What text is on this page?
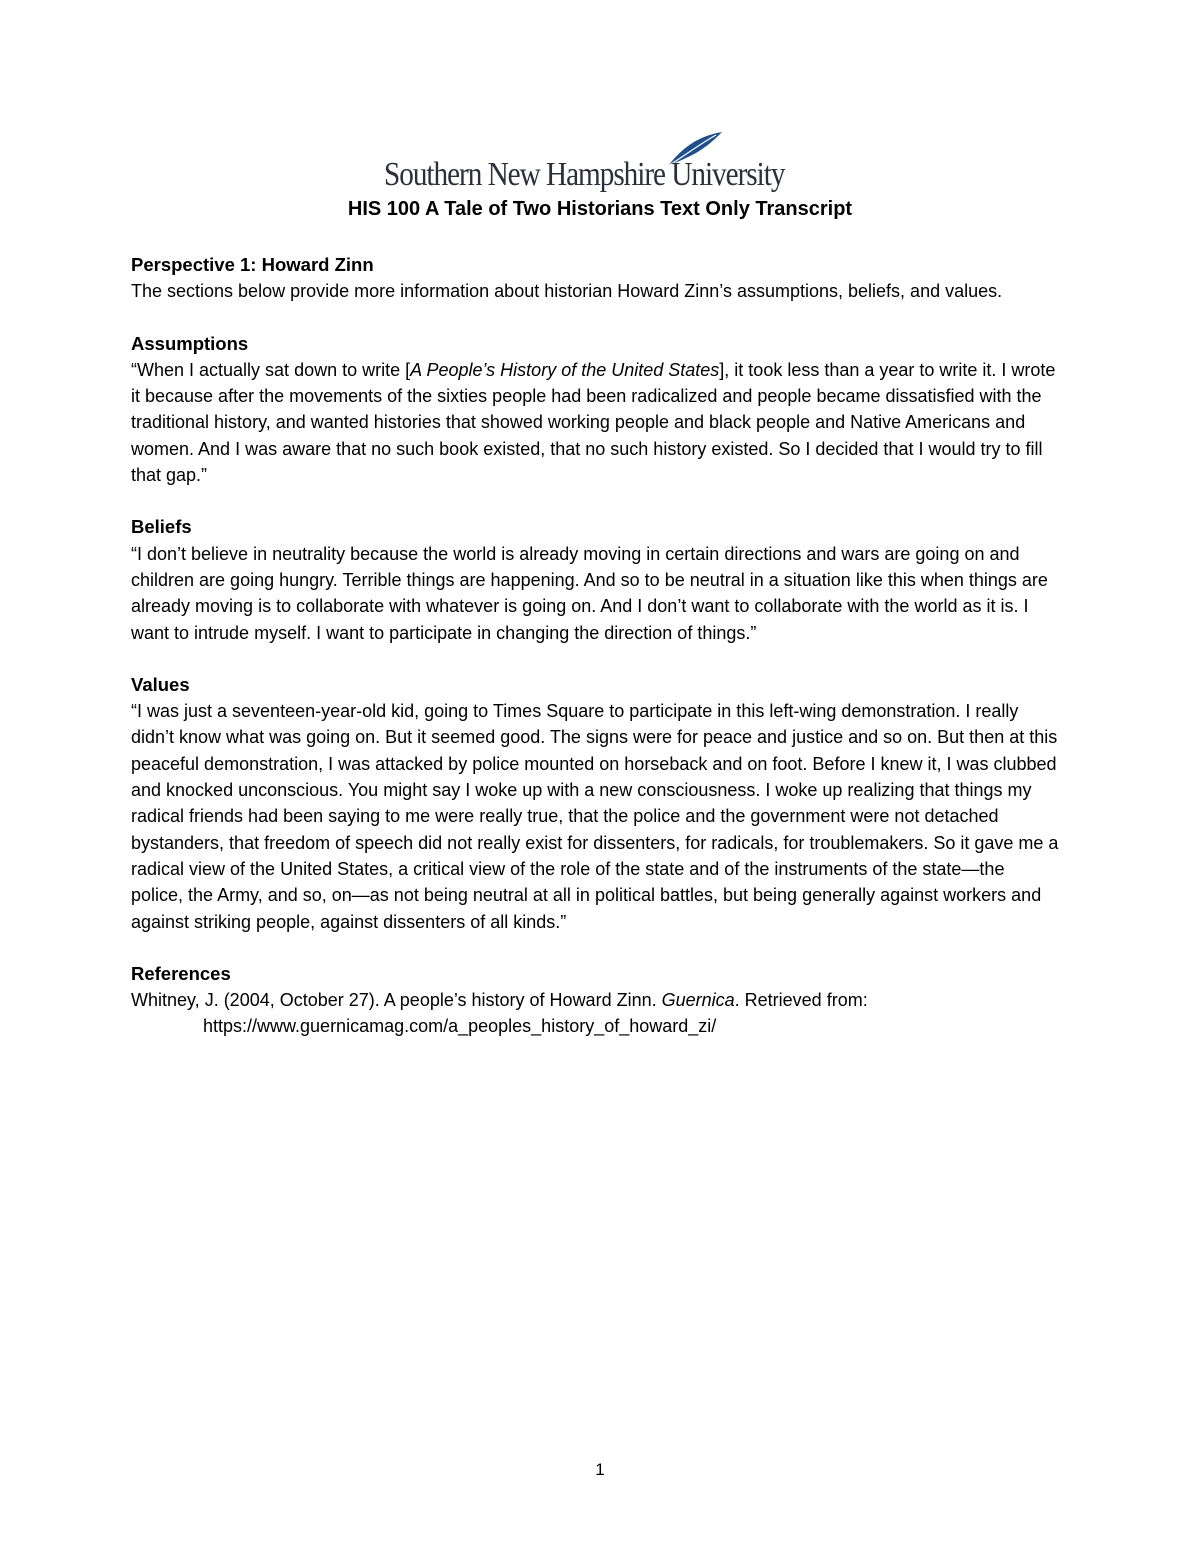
Southern New Hampshire University
HIS 100 A Tale of Two Historians Text Only Transcript

Perspective 1: Howard Zinn

The sections below provide more information about historian Howard Zinn’s assumptions, beliefs, and values.

Assumptions

“When I actually sat down to write [A People’s History of the United States], it took less than a year to write it. I wrote it because after the movements of the sixties people had been radicalized and people became dissatisfied with the traditional history, and wanted histories that showed working people and black people and Native Americans and women. And I was aware that no such book existed, that no such history existed. So I decided that I would try to fill that gap.”

Beliefs

“I don’t believe in neutrality because the world is already moving in certain directions and wars are going on and children are going hungry. Terrible things are happening. And so to be neutral in a situation like this when things are already moving is to collaborate with whatever is going on. And I don’t want to collaborate with the world as it is. I want to intrude myself. I want to participate in changing the direction of things.”

Values

“I was just a seventeen-year-old kid, going to Times Square to participate in this left-wing demonstration. I really didn’t know what was going on. But it seemed good. The signs were for peace and justice and so on. But then at this peaceful demonstration, I was attacked by police mounted on horseback and on foot. Before I knew it, I was clubbed and knocked unconscious. You might say I woke up with a new consciousness. I woke up realizing that things my radical friends had been saying to me were really true, that the police and the government were not detached bystanders, that freedom of speech did not really exist for dissenters, for radicals, for troublemakers. So it gave me a radical view of the United States, a critical view of the role of the state and of the instruments of the state—the police, the Army, and so, on—as not being neutral at all in political battles, but being generally against workers and against striking people, against dissenters of all kinds.”

References

Whitney, J. (2004, October 27). A people’s history of Howard Zinn. Guernica. Retrieved from:

https://www.guernicamag.com/a_peoples_history_of_howard_zi/

1
